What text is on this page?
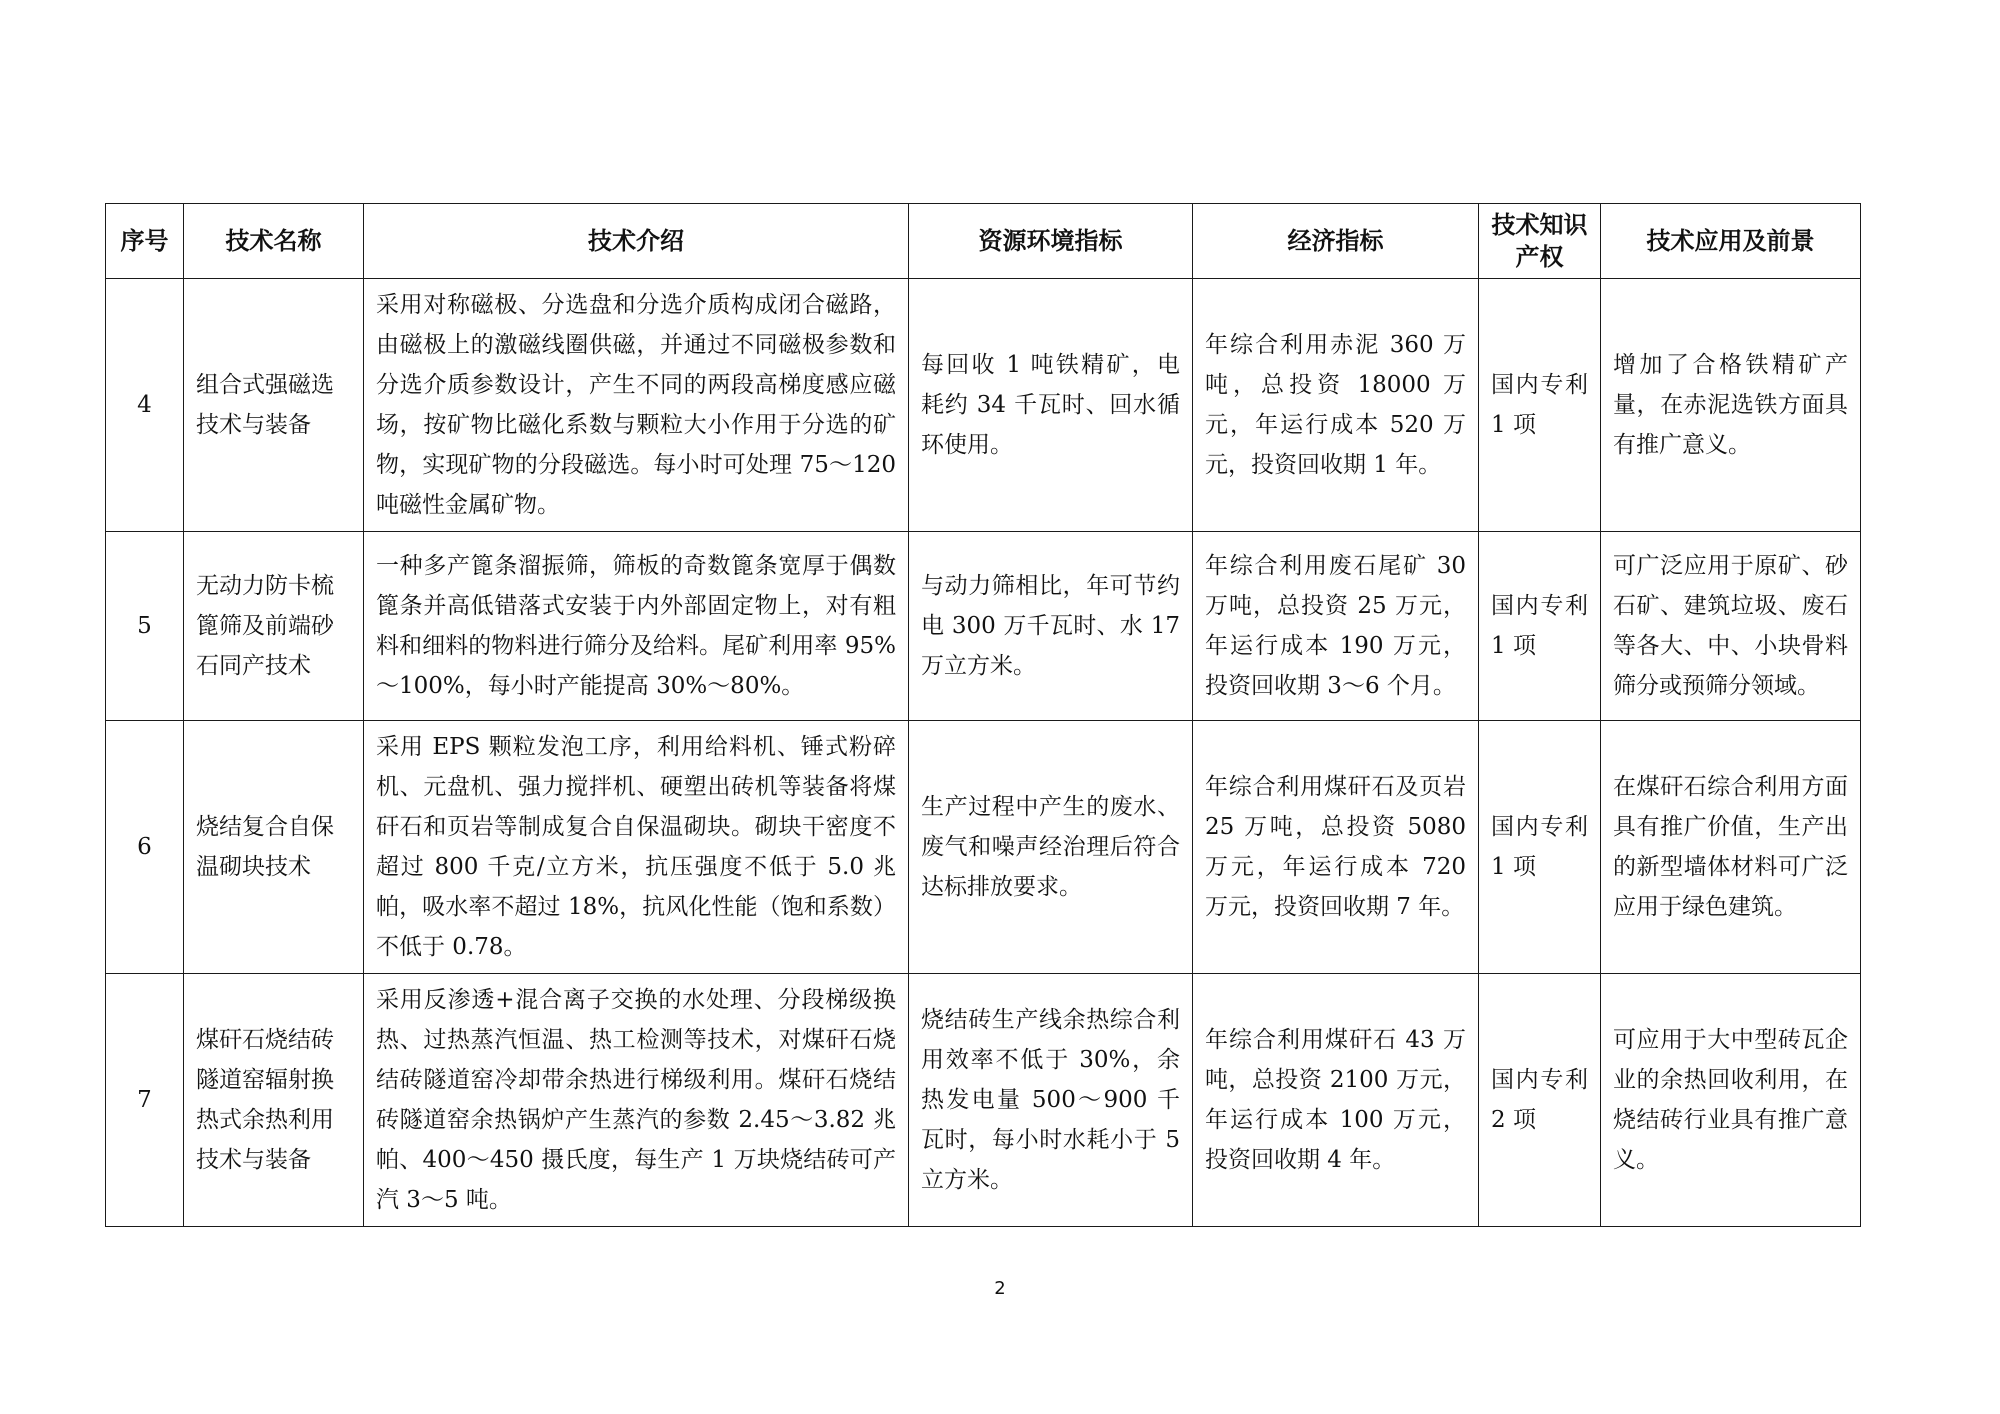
序号	技术名称	技术介绍	资源环境指标	经济指标	技术知识产权	技术应用及前景
4	组合式强磁选技术与装备	采用对称磁极、分选盘和分选介质构成闭合磁路，由磁极上的激磁线圈供磁，并通过不同磁极参数和分选介质参数设计，产生不同的两段高梯度感应磁场，按矿物比磁化系数与颗粒大小作用于分选的矿物，实现矿物的分段磁选。每小时可处理 75～120 吨磁性金属矿物。	每回收 1 吨铁精矿，电耗约 34 千瓦时、回水循环使用。	年综合利用赤泥 360 万吨，总投资 18000 万元，年运行成本 520 万元，投资回收期 1 年。	国内专利 1 项	增加了合格铁精矿产量，在赤泥选铁方面具有推广意义。
5	无动力防卡梳篦筛及前端砂石同产技术	一种多产篦条溜振筛，筛板的奇数篦条宽厚于偶数篦条并高低错落式安装于内外部固定物上，对有粗料和细料的物料进行筛分及给料。尾矿利用率 95%～100%，每小时产能提高 30%～80%。	与动力筛相比，年可节约电 300 万千瓦时、水 17 万立方米。	年综合利用废石尾矿 30 万吨，总投资 25 万元，年运行成本 190 万元，投资回收期 3～6 个月。	国内专利 1 项	可广泛应用于原矿、砂石矿、建筑垃圾、废石等各大、中、小块骨料筛分或预筛分领域。
6	烧结复合自保温砌块技术	采用 EPS 颗粒发泡工序，利用给料机、锤式粉碎机、元盘机、强力搅拌机、硬塑出砖机等装备将煤矸石和页岩等制成复合自保温砌块。砌块干密度不超过 800 千克/立方米，抗压强度不低于 5.0 兆帕，吸水率不超过 18%，抗风化性能（饱和系数）不低于 0.78。	生产过程中产生的废水、废气和噪声经治理后符合达标排放要求。	年综合利用煤矸石及页岩 25 万吨，总投资 5080 万元，年运行成本 720 万元，投资回收期 7 年。	国内专利 1 项	在煤矸石综合利用方面具有推广价值，生产出的新型墙体材料可广泛应用于绿色建筑。
7	煤矸石烧结砖隧道窑辐射换热式余热利用技术与装备	采用反渗透+混合离子交换的水处理、分段梯级换热、过热蒸汽恒温、热工检测等技术，对煤矸石烧结砖隧道窑冷却带余热进行梯级利用。煤矸石烧结砖隧道窑余热锅炉产生蒸汽的参数 2.45～3.82 兆帕、400～450 摄氏度，每生产 1 万块烧结砖可产汽 3～5 吨。	烧结砖生产线余热综合利用效率不低于 30%，余热发电量 500～900 千瓦时，每小时水耗小于 5 立方米。	年综合利用煤矸石 43 万吨，总投资 2100 万元，年运行成本 100 万元，投资回收期 4 年。	国内专利 2 项	可应用于大中型砖瓦企业的余热回收利用，在烧结砖行业具有推广意义。
2
